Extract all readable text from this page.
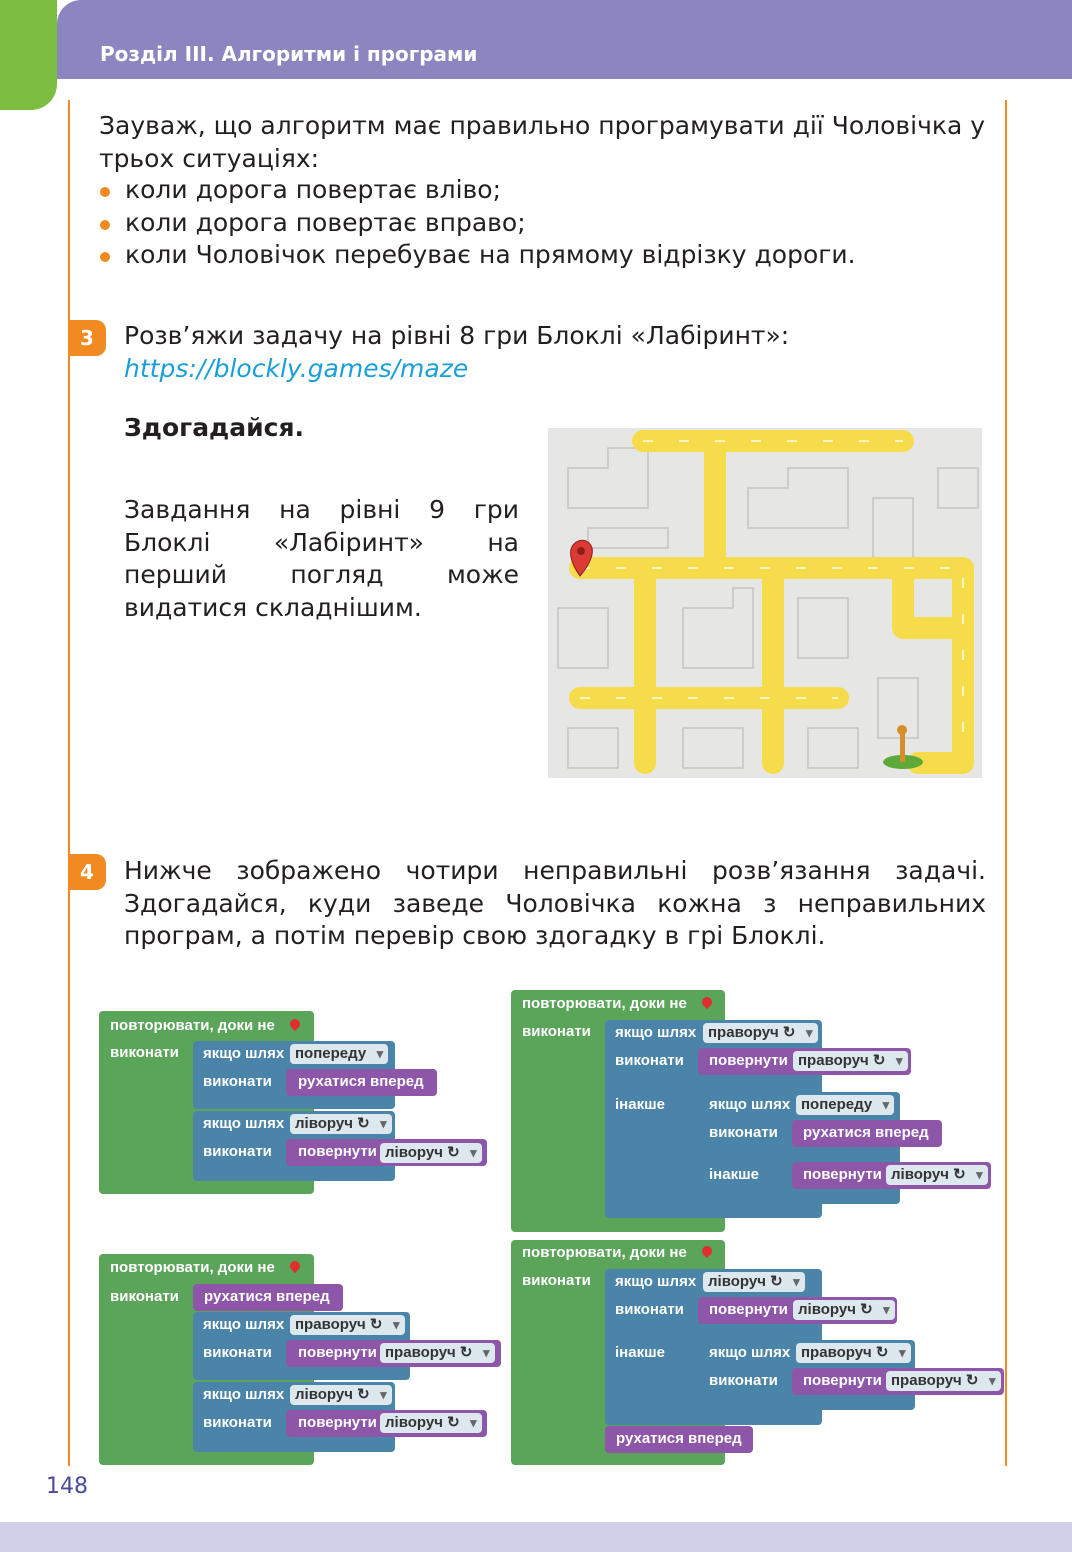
Розділ ІІІ. Алгоритми і програми

Зауваж, що алгоритм має правильно програмувати дії Чоловічка у трьох ситуаціях:

коли дорога повертає вліво;
коли дорога повертає вправо;
коли Чоловічок перебуває на прямому відрізку дороги.
3	Розв’яжи задачу на рівні 8 гри Блоклі «Лабіринт»:
https://blockly.games/maze
Здогадайся.
Завдання на рівні 9 гри Блоклі «Лабіринт» на перший погляд може видатися складнішим.
4	Нижче зображено чотири неправильні розв’язання задачі. Здогадайся, куди заведе Чоловічка кожна з неправильних програм, а потім перевір свою здогадку в грі Блоклі.
повторювати, доки не
виконати якщо шлях попереду ▾
виконати рухатися вперед
якщо шлях ліворуч ↻ ▾
виконати повернути ліворуч ↻ ▾
повторювати, доки не
виконати якщо шлях праворуч ↻ ▾
виконати повернути праворуч ↻ ▾
інакше	якщо шлях попереду ▾
виконати рухатися вперед
інакше	повернути ліворуч ↻ ▾
повторювати, доки не
виконати рухатися вперед
якщо шлях праворуч ↻ ▾
виконати повернути праворуч ↻ ▾
якщо шлях ліворуч ↻ ▾
виконати повернути ліворуч ↻ ▾
повторювати, доки не
виконати якщо шлях ліворуч ↻ ▾
виконати повернути ліворуч ↻ ▾
інакше	якщо шлях праворуч ↻ ▾
виконати повернути праворуч ↻ ▾
рухатися вперед
148
